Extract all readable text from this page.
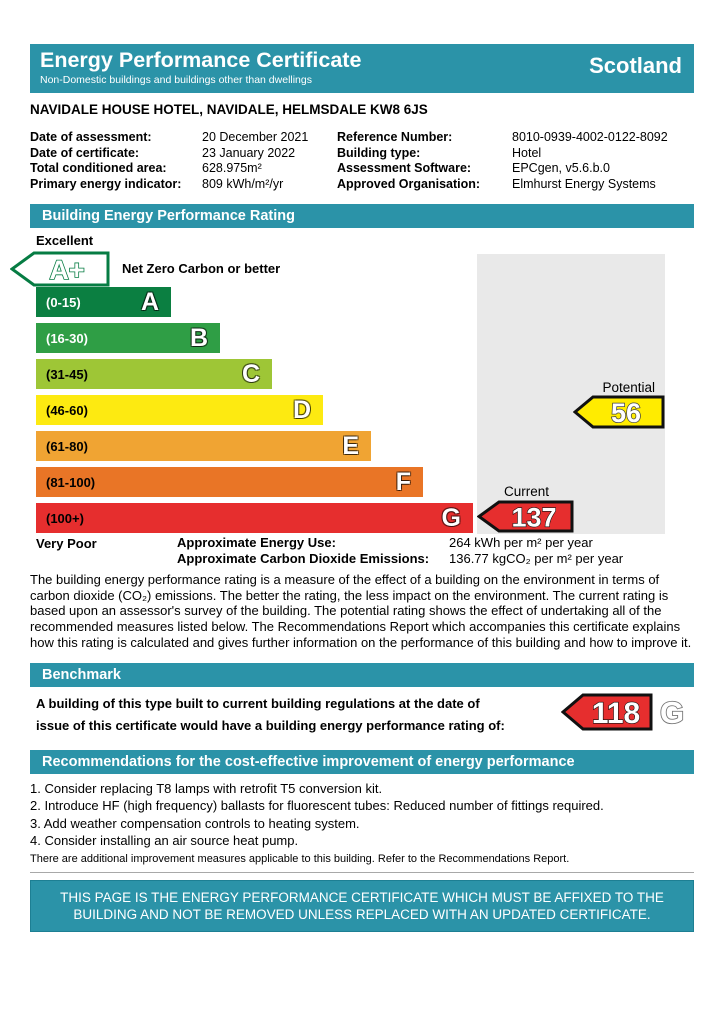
Energy Performance Certificate
Non-Domestic buildings and buildings other than dwellings
Scotland
NAVIDALE HOUSE HOTEL, NAVIDALE, HELMSDALE KW8 6JS
Date of assessment:	20 December 2021	Reference Number:	8010-0939-4002-0122-8092
Date of certificate:	23 January 2022	Building type:	Hotel
Total conditioned area:	628.975m²	Assessment Software:	EPCgen, v5.6.b.0
Primary energy indicator:	809 kWh/m²/yr	Approved Organisation:	Elmhurst Energy Systems
Building Energy Performance Rating
Excellent
A+	Net Zero Carbon or better
(0-15) A
(16-30)	B
(31-45)	C
(46-60)	D
(61-80)	E
(81-100)	F
(100+)	G
Potential
56
Current
137
Very Poor	Approximate Energy Use:	264 kWh per m² per year
Approximate Carbon Dioxide Emissions: 136.77 kgCO₂ per m² per year
The building energy performance rating is a measure of the effect of a building on the environment in terms of carbon dioxide (CO₂) emissions. The better the rating, the less impact on the environment. The current rating is based upon an assessor's survey of the building. The potential rating shows the effect of undertaking all of the recommended measures listed below. The Recommendations Report which accompanies this certificate explains how this rating is calculated and gives further information on the performance of this building and how to improve it.
Benchmark
A building of this type built to current building regulations at the date of
issue of this certificate would have a building energy performance rating of:	118 G
Recommendations for the cost-effective improvement of energy performance
1. Consider replacing T8 lamps with retrofit T5 conversion kit.
2. Introduce HF (high frequency) ballasts for fluorescent tubes: Reduced number of fittings required.
3. Add weather compensation controls to heating system.
4. Consider installing an air source heat pump.
There are additional improvement measures applicable to this building. Refer to the Recommendations Report.
THIS PAGE IS THE ENERGY PERFORMANCE CERTIFICATE WHICH MUST BE AFFIXED TO THE BUILDING AND NOT BE REMOVED UNLESS REPLACED WITH AN UPDATED CERTIFICATE.
